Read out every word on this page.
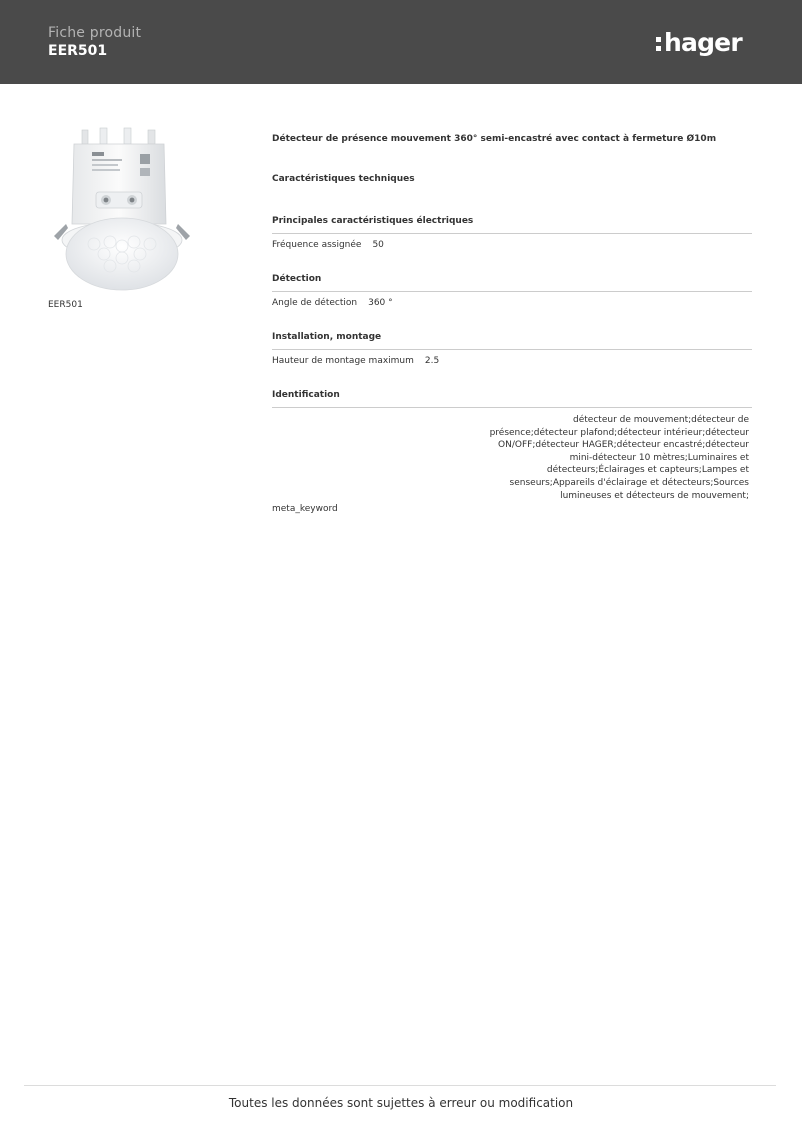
Fiche produit
EER501	hager
EER501
Détecteur de présence mouvement 360° semi-encastré avec contact à fermeture Ø10m
Caractéristiques techniques
Principales caractéristiques électriques
Fréquence assignée 50
Détection
Angle de détection 360 °
Installation, montage
Hauteur de montage maximum 2.5
Identification
meta_keyword
détecteur de mouvement;détecteur de présence;détecteur plafond;détecteur intérieur;détecteur ON/OFF;détecteur HAGER;détecteur encastré;détecteur mini-détecteur 10 mètres;Luminaires et détecteurs;Éclairages et capteurs;Lampes et senseurs;Appareils d'éclairage et détecteurs;Sources lumineuses et détecteurs de mouvement;
Toutes les données sont sujettes à erreur ou modification
